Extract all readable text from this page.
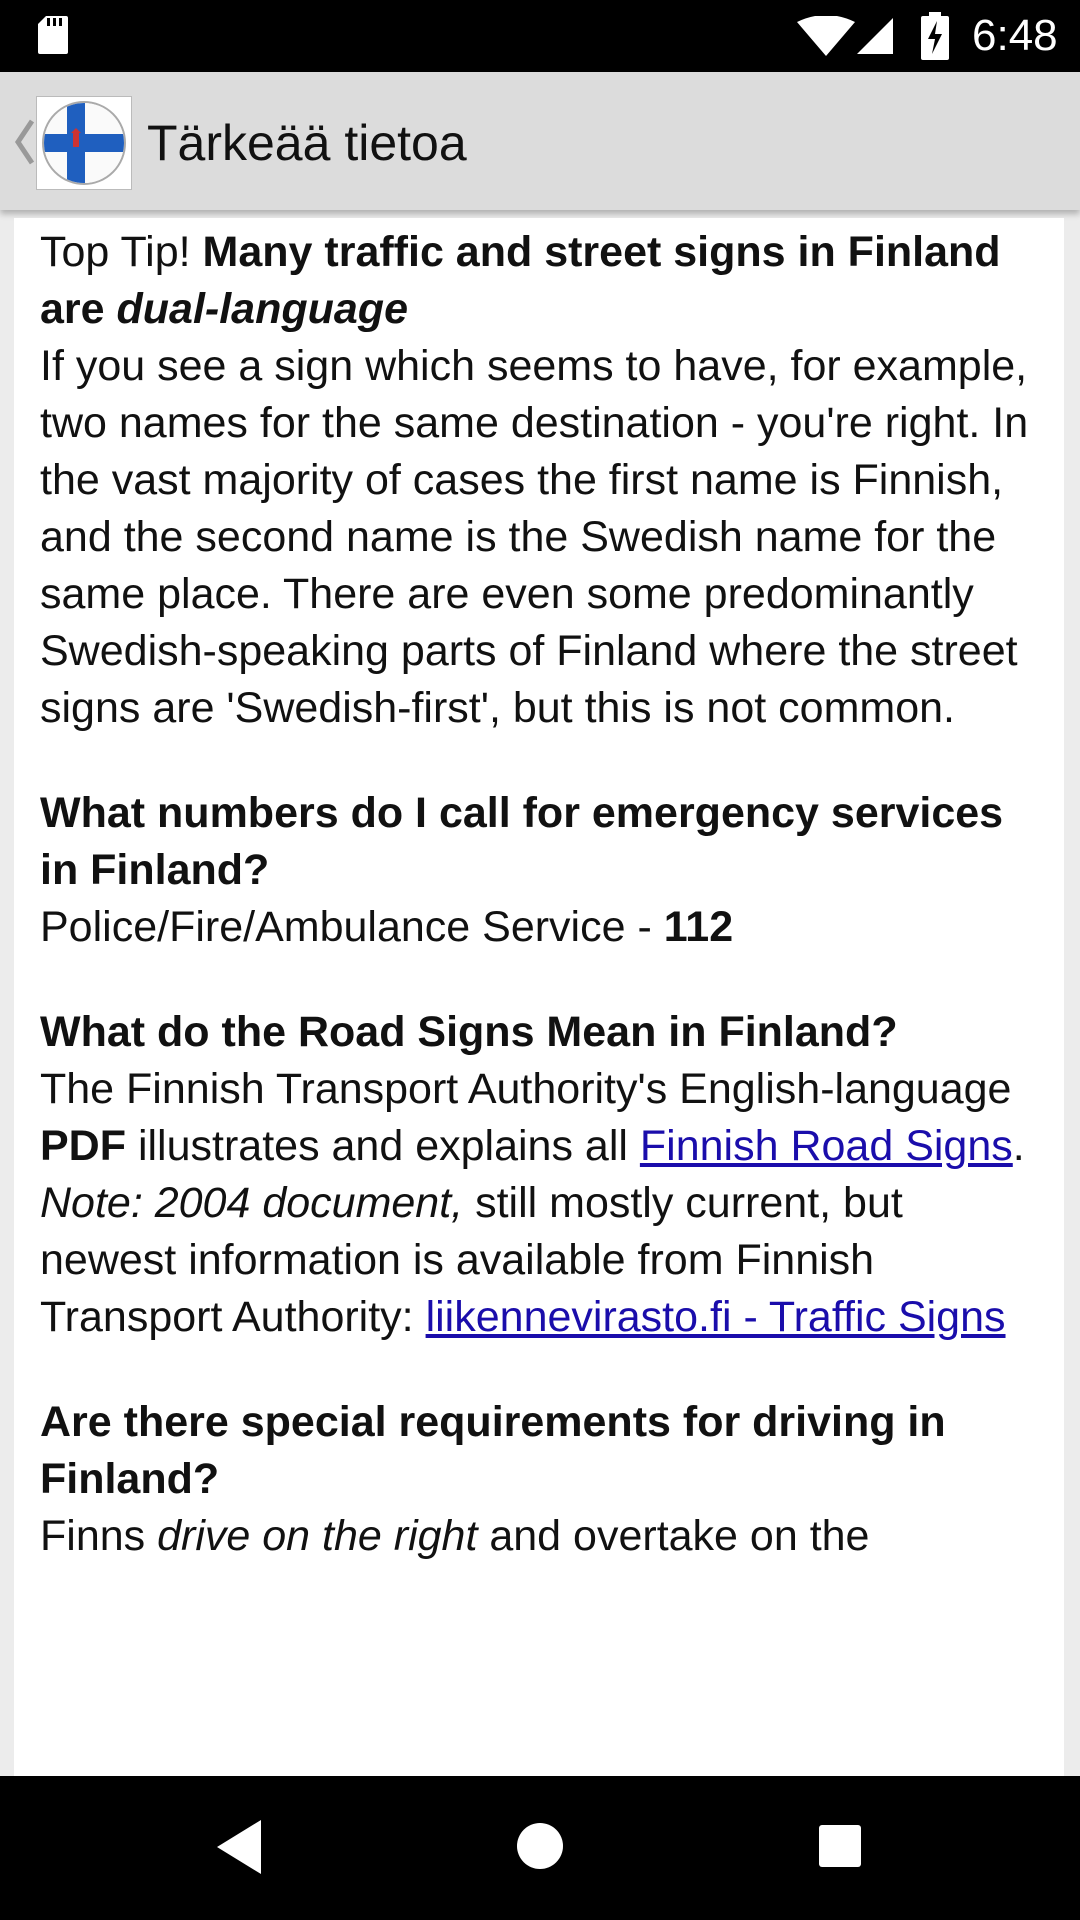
6:48
Tärkeää tietoa

Top Tip! Many traffic and street signs in Finland are dual-language

If you see a sign which seems to have, for example, two names for the same destination - you're right. In the vast majority of cases the first name is Finnish, and the second name is the Swedish name for the same place. There are even some predominantly Swedish-speaking parts of Finland where the street signs are 'Swedish-first', but this is not common.

What numbers do I call for emergency services in Finland?

Police/Fire/Ambulance Service - 112

What do the Road Signs Mean in Finland?

The Finnish Transport Authority's English-language PDF illustrates and explains all Finnish Road Signs. Note: 2004 document, still mostly current, but newest information is available from Finnish Transport Authority: liikennevirasto.fi - Traffic Signs

Are there special requirements for driving in Finland?

Finns drive on the right and overtake on the
